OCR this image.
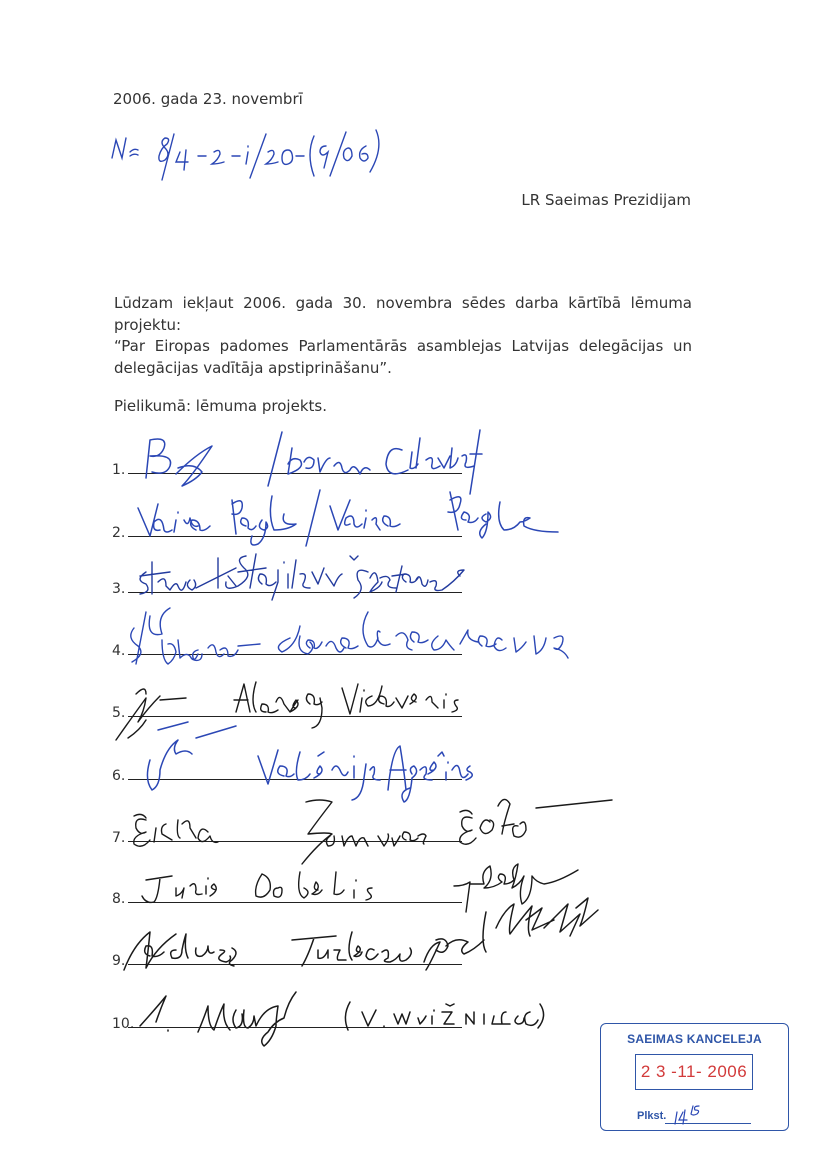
2006. gada 23. novembrī
LR Saeimas Prezidijam

Lūdzam iekļaut 2006. gada 30. novembra sēdes darba kārtībā lēmuma projektu:

“Par Eiropas padomes Parlamentārās asamblejas Latvijas delegācijas un delegācijas vadītāja apstiprināšanu”.

Pielikumā: lēmuma projekts.
1.
2.
3.
4.
5.
6.
7.
8.
9.
10.
SAEIMAS KANCELEJA
2 3 -11- 2006
Plkst.
